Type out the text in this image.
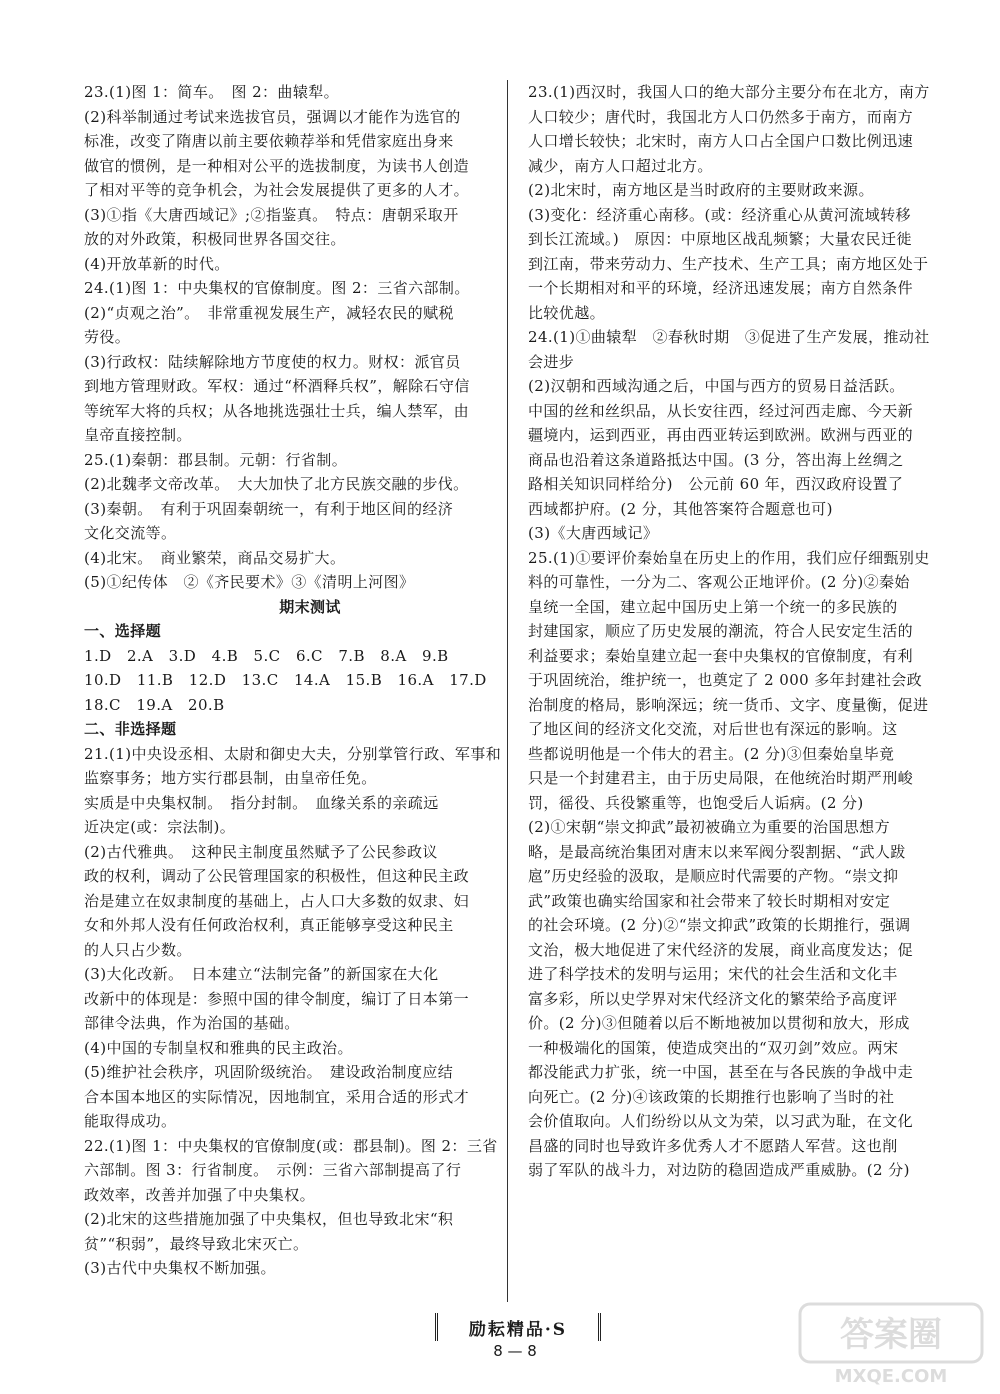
23.(1)图 1：简车。　图 2：曲辕犁。
(2)科举制通过考试来选拔官员，强调以才能作为选官的
标准，改变了隋唐以前主要依赖荐举和凭借家庭出身来
做官的惯例，是一种相对公平的选拔制度，为读书人创造
了相对平等的竞争机会，为社会发展提供了更多的人才。
(3)①指《大唐西域记》;②指鉴真。　特点：唐朝采取开
放的对外政策，积极同世界各国交往。
(4)开放革新的时代。
24.(1)图 1：中央集权的官僚制度。图 2：三省六部制。
(2)“贞观之治”。　非常重视发展生产，减轻农民的赋税
劳役。
(3)行政权：陆续解除地方节度使的权力。财权：派官员
到地方管理财政。军权：通过“杯酒释兵权”，解除石守信
等统军大将的兵权；从各地挑选强壮士兵，编人禁军，由
皇帝直接控制。
25.(1)秦朝：郡县制。元朝：行省制。
(2)北魏孝文帝改革。　大大加快了北方民族交融的步伐。
(3)秦朝。　有利于巩固秦朝统一，有利于地区间的经济
文化交流等。
(4)北宋。　商业繁荣，商品交易扩大。
(5)①纪传体　②《齐民要术》③《清明上河图》
期末测试
一、选择题
1.D　2.A　3.D　4.B　5.C　6.C　7.B　8.A　9.B
10.D　11.B　12.D　13.C　14.A　15.B　16.A　17.D
18.C　19.A　20.B
二、非选择题
21.(1)中央设丞相、太尉和御史大夫，分别掌管行政、军事和
监察事务；地方实行郡县制，由皇帝任免。
实质是中央集权制。　指分封制。　血缘关系的亲疏远
近决定(或：宗法制)。
(2)古代雅典。　这种民主制度虽然赋予了公民参政议
政的权利，调动了公民管理国家的积极性，但这种民主政
治是建立在奴隶制度的基础上，占人口大多数的奴隶、妇
女和外邦人没有任何政治权利，真正能够享受这种民主
的人只占少数。
(3)大化改新。　日本建立“法制完备”的新国家在大化
改新中的体现是：参照中国的律令制度，编订了日本第一
部律令法典，作为治国的基础。
(4)中国的专制皇权和雅典的民主政治。
(5)维护社会秩序，巩固阶级统治。　建设政治制度应结
合本国本地区的实际情况，因地制宜，采用合适的形式才
能取得成功。
22.(1)图 1：中央集权的官僚制度(或：郡县制)。图 2：三省
六部制。图 3：行省制度。　示例：三省六部制提高了行
政效率，改善并加强了中央集权。
(2)北宋的这些措施加强了中央集权，但也导致北宋“积
贫”“积弱”，最终导致北宋灭亡。
(3)古代中央集权不断加强。
23.(1)西汉时，我国人口的绝大部分主要分布在北方，南方
人口较少；唐代时，我国北方人口仍然多于南方，而南方
人口增长较快；北宋时，南方人口占全国户口数比例迅速
减少，南方人口超过北方。
(2)北宋时，南方地区是当时政府的主要财政来源。
(3)变化：经济重心南移。(或：经济重心从黄河流域转移
到长江流域。)　原因：中原地区战乱频繁；大量农民迁徙
到江南，带来劳动力、生产技术、生产工具；南方地区处于
一个长期相对和平的环境，经济迅速发展；南方自然条件
比较优越。
24.(1)①曲辕犁　②春秋时期　③促进了生产发展，推动社
会进步
(2)汉朝和西域沟通之后，中国与西方的贸易日益活跃。
中国的丝和丝织品，从长安往西，经过河西走廊、今天新
疆境内，运到西亚，再由西亚转运到欧洲。欧洲与西亚的
商品也沿着这条道路抵达中国。(3 分，答出海上丝绸之
路相关知识同样给分)　公元前 60 年，西汉政府设置了
西域都护府。(2 分，其他答案符合题意也可)
(3)《大唐西域记》
25.(1)①要评价秦始皇在历史上的作用，我们应仔细甄别史
料的可靠性，一分为二、客观公正地评价。(2 分)②秦始
皇统一全国，建立起中国历史上第一个统一的多民族的
封建国家，顺应了历史发展的潮流，符合人民安定生活的
利益要求；秦始皇建立起一套中央集权的官僚制度，有利
于巩固统治，维护统一，也奠定了 2 000 多年封建社会政
治制度的格局，影响深远；统一货币、文字、度量衡，促进
了地区间的经济文化交流，对后世也有深远的影响。这
些都说明他是一个伟大的君主。(2 分)③但秦始皇毕竟
只是一个封建君主，由于历史局限，在他统治时期严刑峻
罚，徭役、兵役繁重等，也饱受后人诟病。(2 分)
(2)①宋朝“崇文抑武”最初被确立为重要的治国思想方
略，是最高统治集团对唐末以来军阀分裂割据、“武人跋
扈”历史经验的汲取，是顺应时代需要的产物。“崇文抑
武”政策也确实给国家和社会带来了较长时期相对安定
的社会环境。(2 分)②“崇文抑武”政策的长期推行，强调
文治，极大地促进了宋代经济的发展，商业高度发达；促
进了科学技术的发明与运用；宋代的社会生活和文化丰
富多彩，所以史学界对宋代经济文化的繁荣给予高度评
价。(2 分)③但随着以后不断地被加以贯彻和放大，形成
一种极端化的国策，使造成突出的“双刃剑”效应。两宋
都没能武力扩张，统一中国，甚至在与各民族的争战中走
向死亡。(2 分)④该政策的长期推行也影响了当时的社
会价值取向。人们纷纷以从文为荣，以习武为耻，在文化
昌盛的同时也导致许多优秀人才不愿踏人军营。这也削
弱了军队的战斗力，对边防的稳固造成严重威胁。(2 分)
励耘精品·S
8 — 8	答案圈
MXQE.COM
